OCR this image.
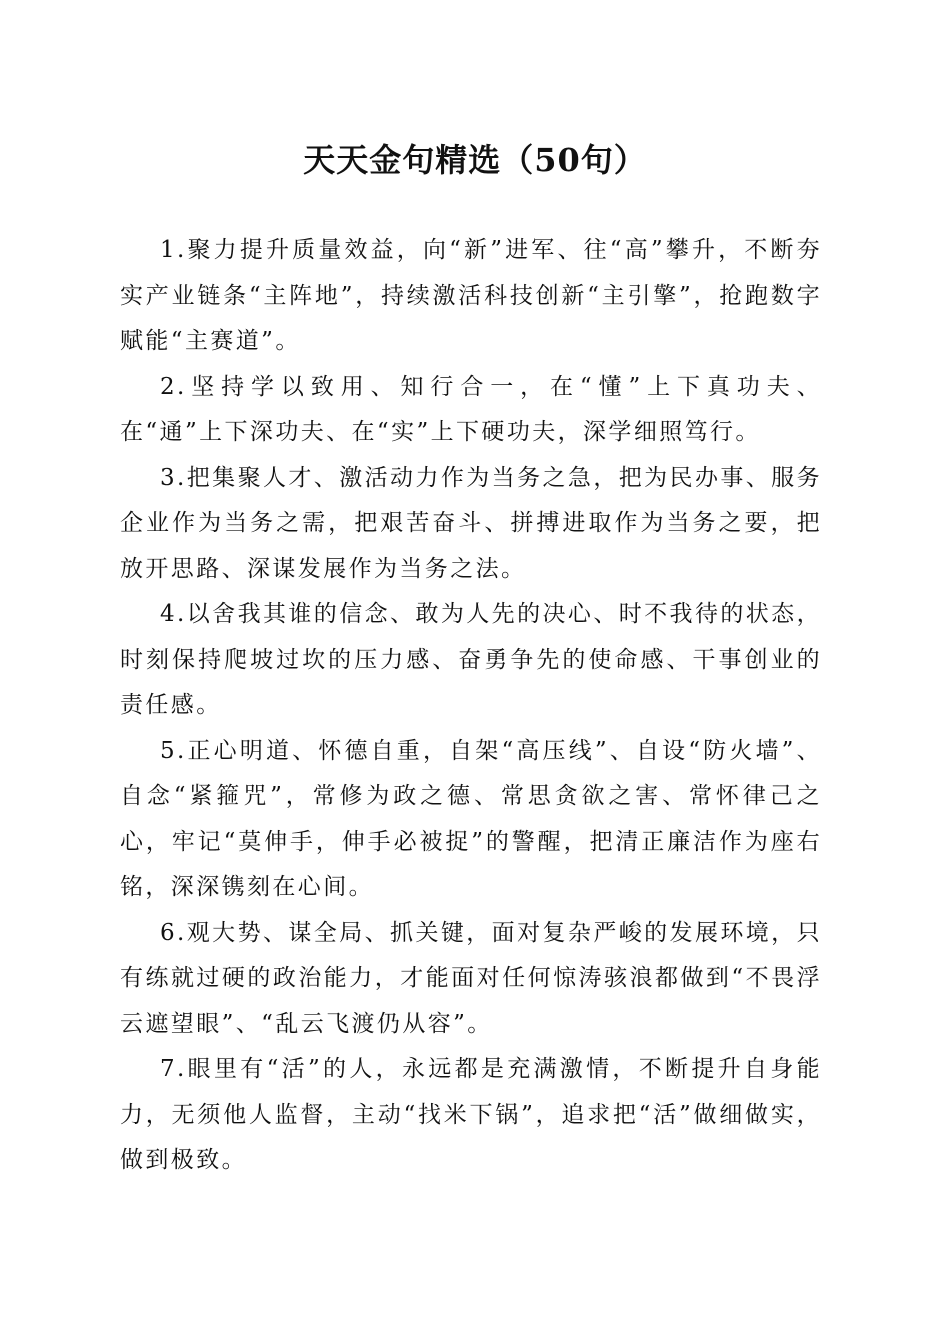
天天金句精选（50句）

1.聚力提升质量效益，向“新”进军、往“高”攀升，不断夯实产业链条“主阵地”，持续激活科技创新“主引擎”，抢跑数字赋能“主赛道”。

2.坚持学以致用、知行合一，在“懂”上下真功夫、在“通”上下深功夫、在“实”上下硬功夫，深学细照笃行。

3.把集聚人才、激活动力作为当务之急，把为民办事、服务企业作为当务之需，把艰苦奋斗、拼搏进取作为当务之要，把放开思路、深谋发展作为当务之法。

4.以舍我其谁的信念、敢为人先的决心、时不我待的状态，时刻保持爬坡过坎的压力感、奋勇争先的使命感、干事创业的责任感。

5.正心明道、怀德自重，自架“高压线”、自设“防火墙”、自念“紧箍咒”，常修为政之德、常思贪欲之害、常怀律己之心，牢记“莫伸手，伸手必被捉”的警醒，把清正廉洁作为座右铭，深深镌刻在心间。

6.观大势、谋全局、抓关键，面对复杂严峻的发展环境，只有练就过硬的政治能力，才能面对任何惊涛骇浪都做到“不畏浮云遮望眼”、“乱云飞渡仍从容”。

7.眼里有“活”的人，永远都是充满激情，不断提升自身能力，无须他人监督，主动“找米下锅”，追求把“活”做细做实，做到极致。
